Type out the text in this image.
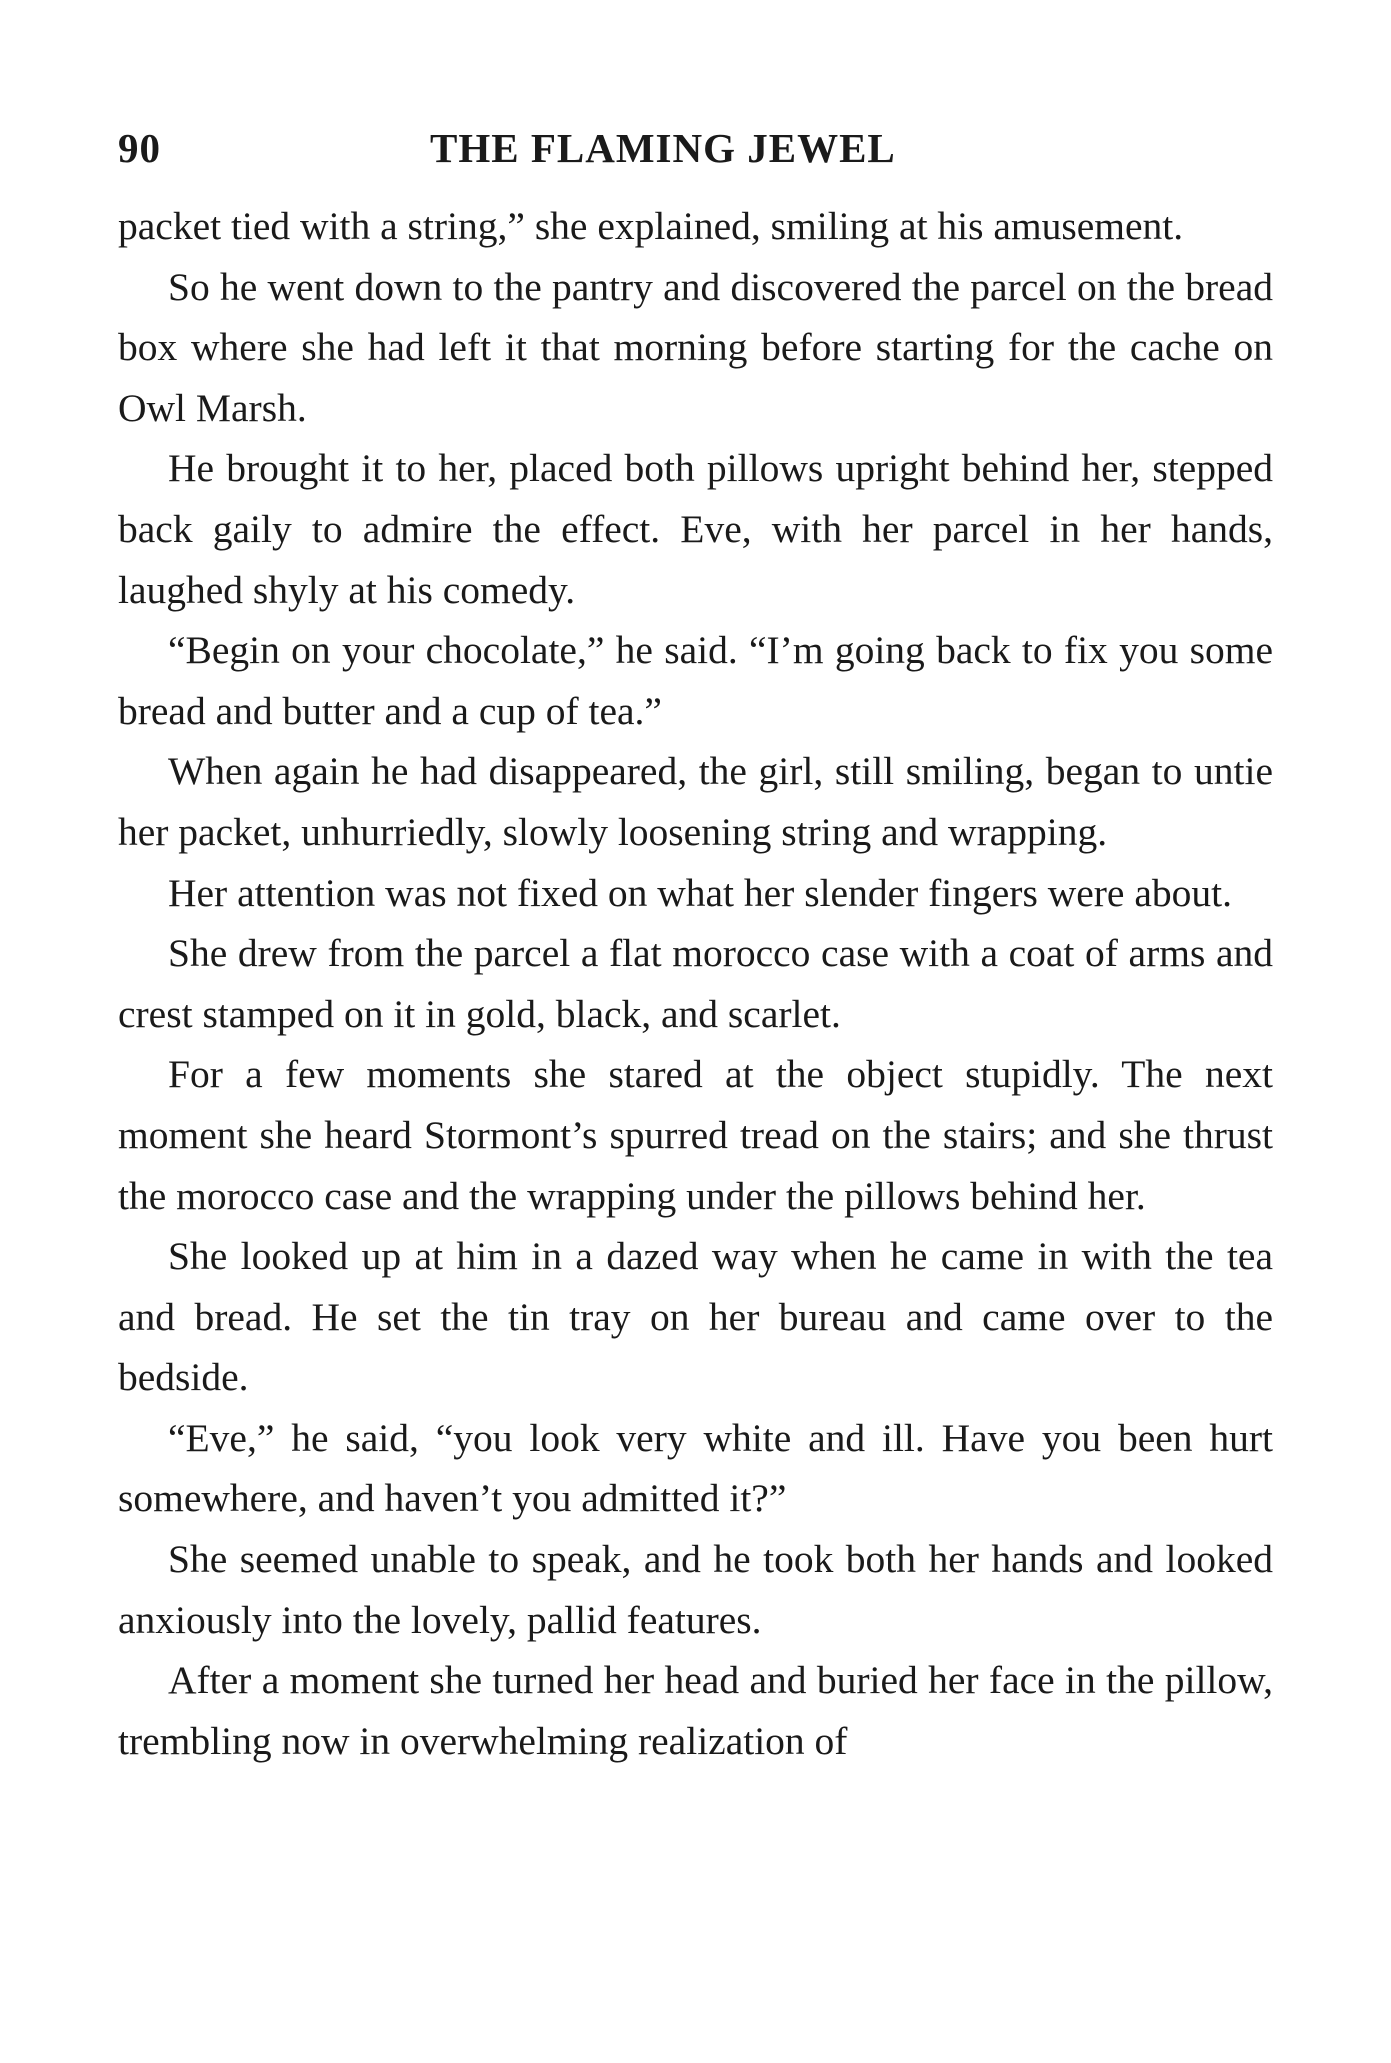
90	THE FLAMING JEWEL

packet tied with a string,” she explained, smiling at his amusement.

So he went down to the pantry and discovered the parcel on the bread box where she had left it that morning before starting for the cache on Owl Marsh.

He brought it to her, placed both pillows upright behind her, stepped back gaily to admire the effect. Eve, with her parcel in her hands, laughed shyly at his comedy.

“Begin on your chocolate,” he said. “I’m going back to fix you some bread and butter and a cup of tea.”

When again he had disappeared, the girl, still smiling, began to untie her packet, unhurriedly, slowly loosening string and wrapping.

Her attention was not fixed on what her slender fingers were about.

She drew from the parcel a flat morocco case with a coat of arms and crest stamped on it in gold, black, and scarlet.

For a few moments she stared at the object stupidly. The next moment she heard Stormont’s spurred tread on the stairs; and she thrust the morocco case and the wrapping under the pillows behind her.

She looked up at him in a dazed way when he came in with the tea and bread. He set the tin tray on her bureau and came over to the bedside.

“Eve,” he said, “you look very white and ill. Have you been hurt somewhere, and haven’t you admitted it?”

She seemed unable to speak, and he took both her hands and looked anxiously into the lovely, pallid features.

After a moment she turned her head and buried her face in the pillow, trembling now in overwhelming realization of
